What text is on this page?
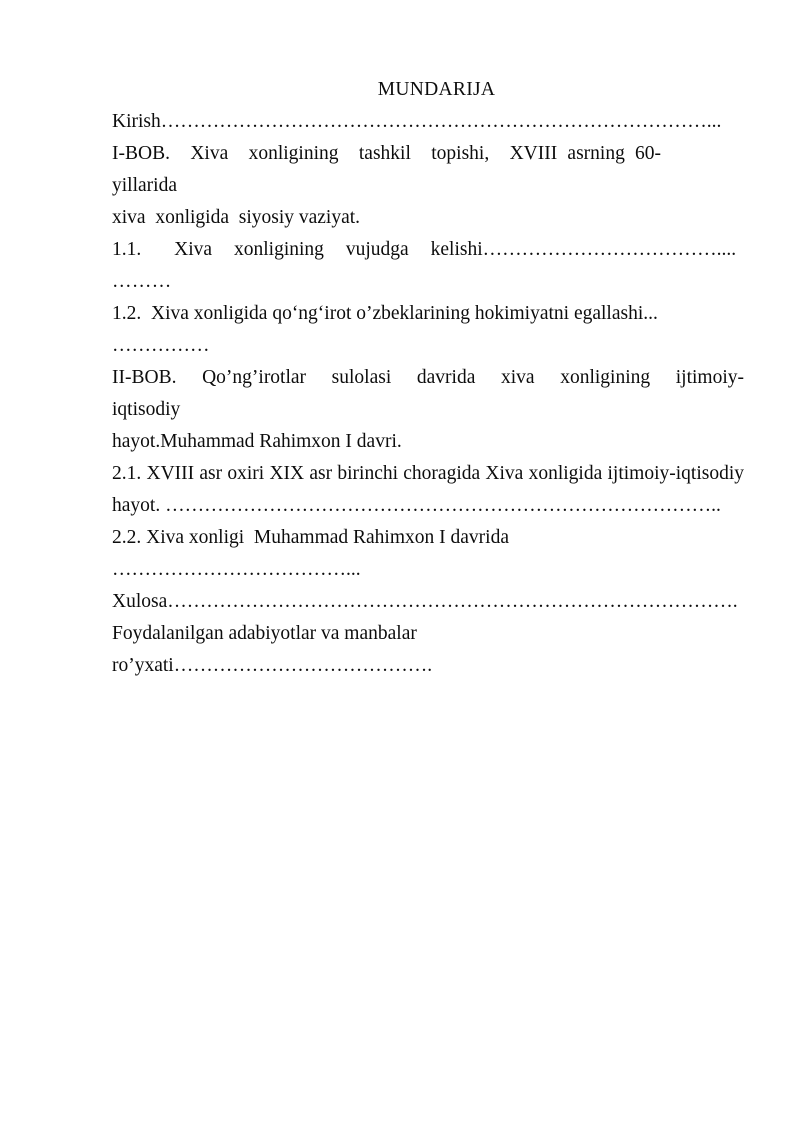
MUNDARIJA
Kirish…………………………………………………………………………...
I-BOB.  Xiva  xonligining  tashkil  topishi,  XVIII asrning 60- yillarida
xiva  xonligida  siyosiy vaziyat.
1.1.      Xiva    xonligining    vujudga    kelishi………………………………....
………
1.2.  Xiva xonligida qo‘ng‘irot o’zbeklarining hokimiyatni egallashi... ……………
II-BOB.   Qo’ng’irotlar   sulolasi   davrida   xiva   xonligining   ijtimoiy-iqtisodiy
hayot.Muhammad Rahimxon I davri.
2.1. XVIII asr oxiri XIX asr birinchi choragida Xiva xonligida ijtimoiy-iqtisodiy
hayot. …………………………………………………………………………..
2.2. Xiva xonligi  Muhammad Rahimxon I davrida ………………………………...
Xulosa…………………………………………………………………………….
Foydalanilgan adabiyotlar va manbalar ro’yxati………………………………….
